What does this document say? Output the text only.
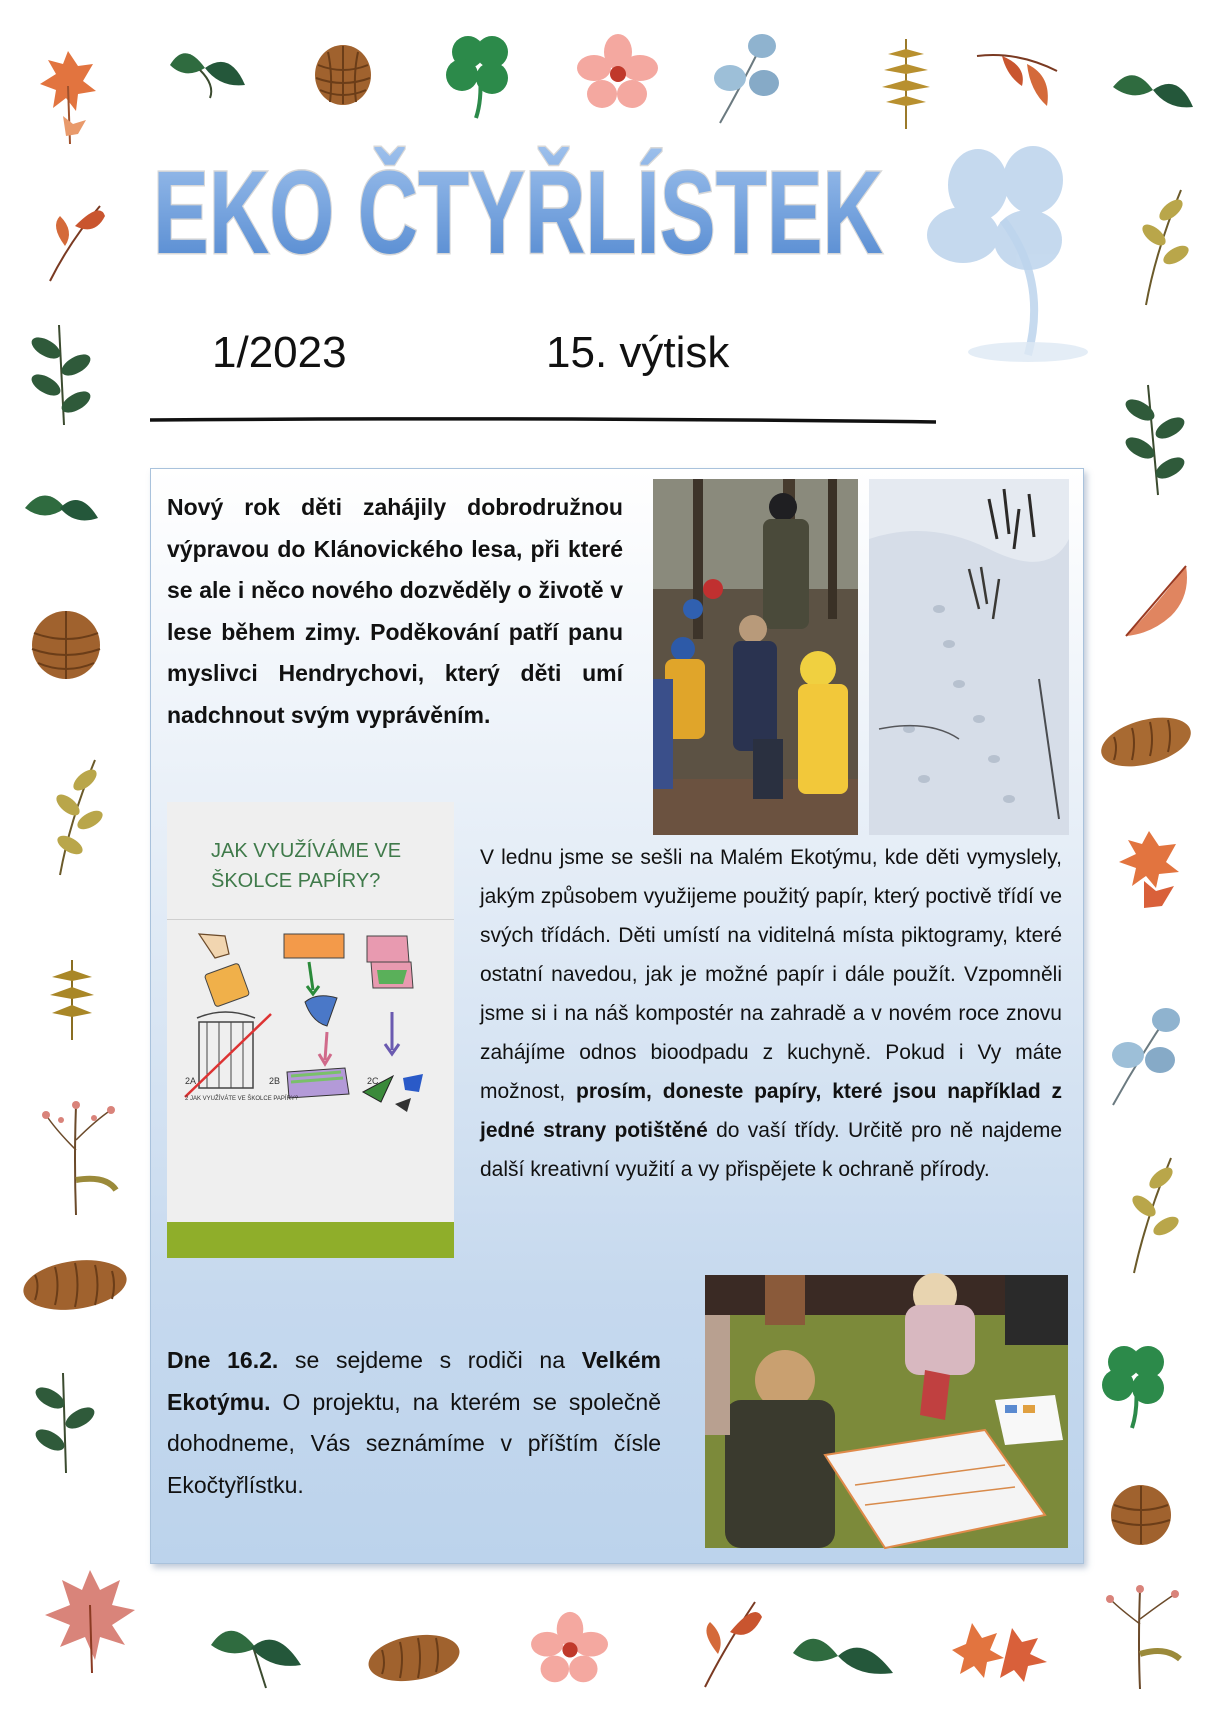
EKO ČTYŘLÍSTEK
1/2023	15. výtisk

Nový rok děti zahájily dobrodružnou výpravou do Klánovického lesa, při které se ale i něco nového dozvěděly o životě v lese během zimy. Poděkování patří panu myslivci Hendrychovi, který děti umí nadchnout svým vyprávěním.

JAK VYUŽÍVÁME VE
ŠKOLCE PAPÍRY?
2A	2B	2C
2 JAK VYUŽÍVÁTE VE ŠKOLCE PAPÍRY?

V lednu jsme se sešli na Malém Ekotýmu, kde děti vymyslely, jakým způsobem využijeme použitý papír, který poctivě třídí ve svých třídách. Děti umístí na viditelná místa piktogramy, které ostatní navedou, jak je možné papír i dále použít. Vzpomněli jsme si i na náš kompostér na zahradě a v novém roce znovu zahájíme odnos bioodpadu z kuchyně. Pokud i Vy máte možnost, prosím, doneste papíry, které jsou například z jedné strany potištěné do vaší třídy. Určitě pro ně najdeme další kreativní využití a vy přispějete k ochraně přírody.

Dne 16.2. se sejdeme s rodiči na Velkém Ekotýmu. O projektu, na kterém se společně dohodneme, Vás seznámíme v příštím čísle Ekočtyřlístku.
